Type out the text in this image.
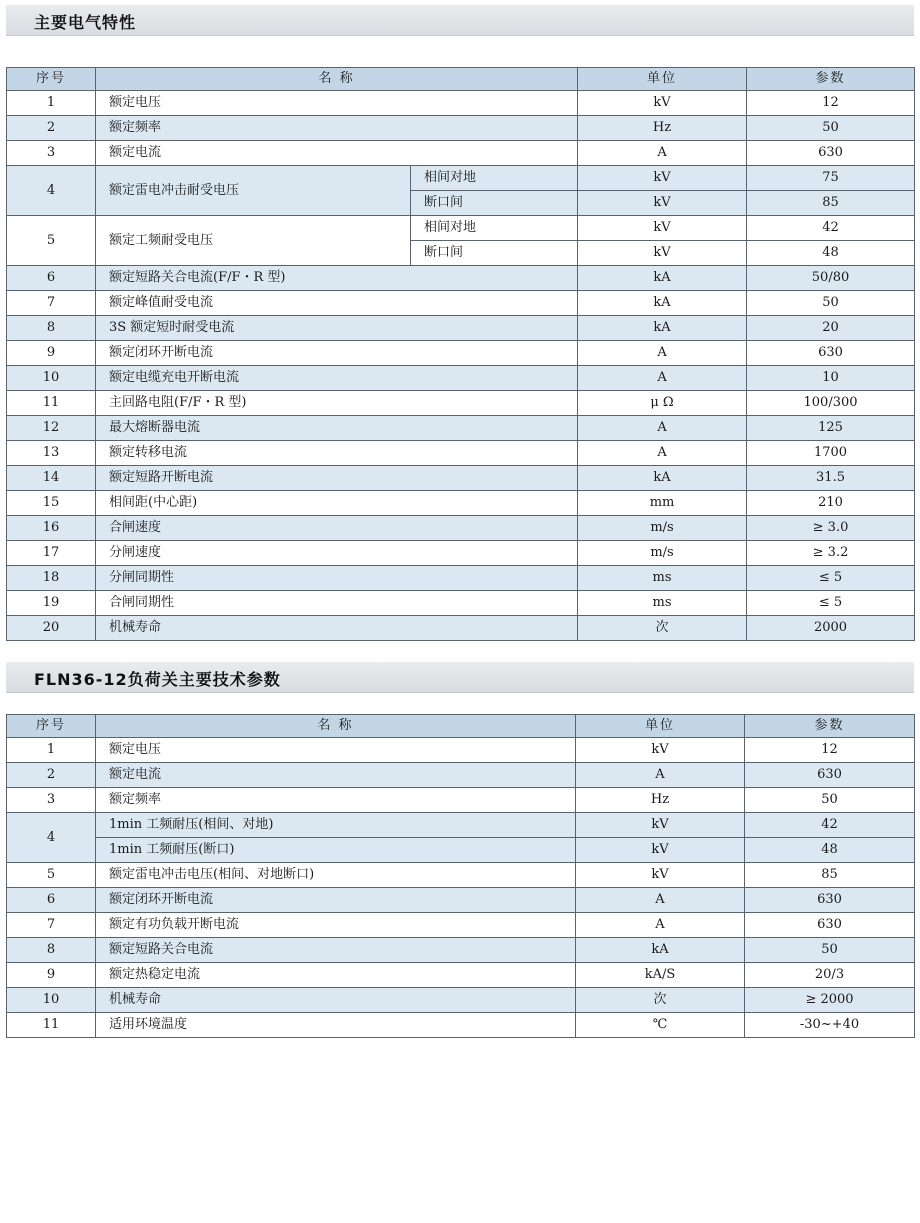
主要电气特性
序号	名 称		单位	参数
1	额定电压		kV	12
2	额定频率		Hz	50
3	额定电流		A	630
4	额定雷电冲击耐受电压	相间对地	kV	75
		断口间	kV	85
5	额定工频耐受电压	相间对地	kV	42
		断口间	kV	48
6	额定短路关合电流(F/F・R 型)		kA	50/80
7	额定峰值耐受电流		kA	50
8	3S 额定短时耐受电流		kA	20
9	额定闭环开断电流		A	630
10	额定电缆充电开断电流		A	10
11	主回路电阻(F/F・R 型)		μ Ω	100/300
12	最大熔断器电流		A	125
13	额定转移电流		A	1700
14	额定短路开断电流		kA	31.5
15	相间距(中心距)		mm	210
16	合闸速度		m/s	≥ 3.0
17	分闸速度		m/s	≥ 3.2
18	分闸同期性		ms	≤ 5
19	合闸同期性		ms	≤ 5
20	机械寿命		次	2000
FLN36-12负荷关主要技术参数
序号	名 称	单位	参数
1	额定电压	kV	12
2	额定电流	A	630
3	额定频率	Hz	50
4	1min 工频耐压(相间、对地)	kV	42
	1min 工频耐压(断口)	kV	48
5	额定雷电冲击电压(相间、对地断口)	kV	85
6	额定闭环开断电流	A	630
7	额定有功负载开断电流	A	630
8	额定短路关合电流	kA	50
9	额定热稳定电流	kA/S	20/3
10	机械寿命	次	≥ 2000
11	适用环境温度	℃	-30~+40
